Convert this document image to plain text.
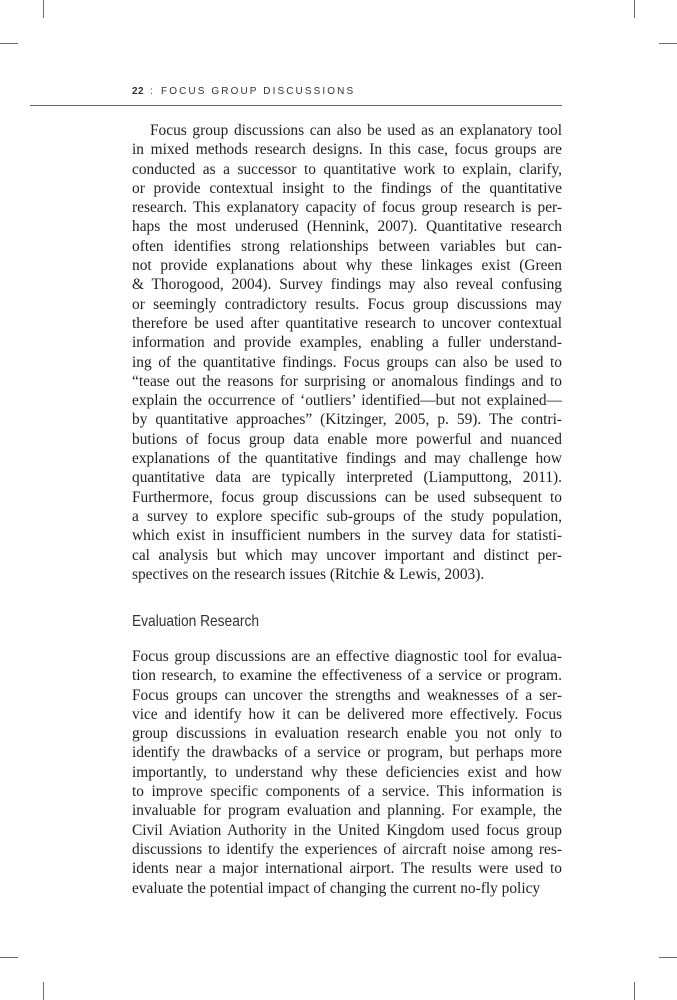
22 : FOCUS GROUP DISCUSSIONS
Focus group discussions can also be used as an explanatory tool
in mixed methods research designs. In this case, focus groups are
conducted as a successor to quantitative work to explain, clarify,
or provide contextual insight to the findings of the quantitative
research. This explanatory capacity of focus group research is per-
haps the most underused (Hennink, 2007). Quantitative research
often identifies strong relationships between variables but can-
not provide explanations about why these linkages exist (Green
& Thorogood, 2004). Survey findings may also reveal confusing
or seemingly contradictory results. Focus group discussions may
therefore be used after quantitative research to uncover contextual
information and provide examples, enabling a fuller understand-
ing of the quantitative findings. Focus groups can also be used to
“tease out the reasons for surprising or anomalous findings and to
explain the occurrence of ‘outliers’ identified—but not explained—
by quantitative approaches” (Kitzinger, 2005, p. 59). The contri-
butions of focus group data enable more powerful and nuanced
explanations of the quantitative findings and may challenge how
quantitative data are typically interpreted (Liamputtong, 2011).
Furthermore, focus group discussions can be used subsequent to
a survey to explore specific sub-groups of the study population,
which exist in insufficient numbers in the survey data for statisti-
cal analysis but which may uncover important and distinct per-
spectives on the research issues (Ritchie & Lewis, 2003).
Evaluation Research
Focus group discussions are an effective diagnostic tool for evalua-
tion research, to examine the effectiveness of a service or program.
Focus groups can uncover the strengths and weaknesses of a ser-
vice and identify how it can be delivered more effectively. Focus
group discussions in evaluation research enable you not only to
identify the drawbacks of a service or program, but perhaps more
importantly, to understand why these deficiencies exist and how
to improve specific components of a service. This information is
invaluable for program evaluation and planning. For example, the
Civil Aviation Authority in the United Kingdom used focus group
discussions to identify the experiences of aircraft noise among res-
idents near a major international airport. The results were used to
evaluate the potential impact of changing the current no-fly policy
